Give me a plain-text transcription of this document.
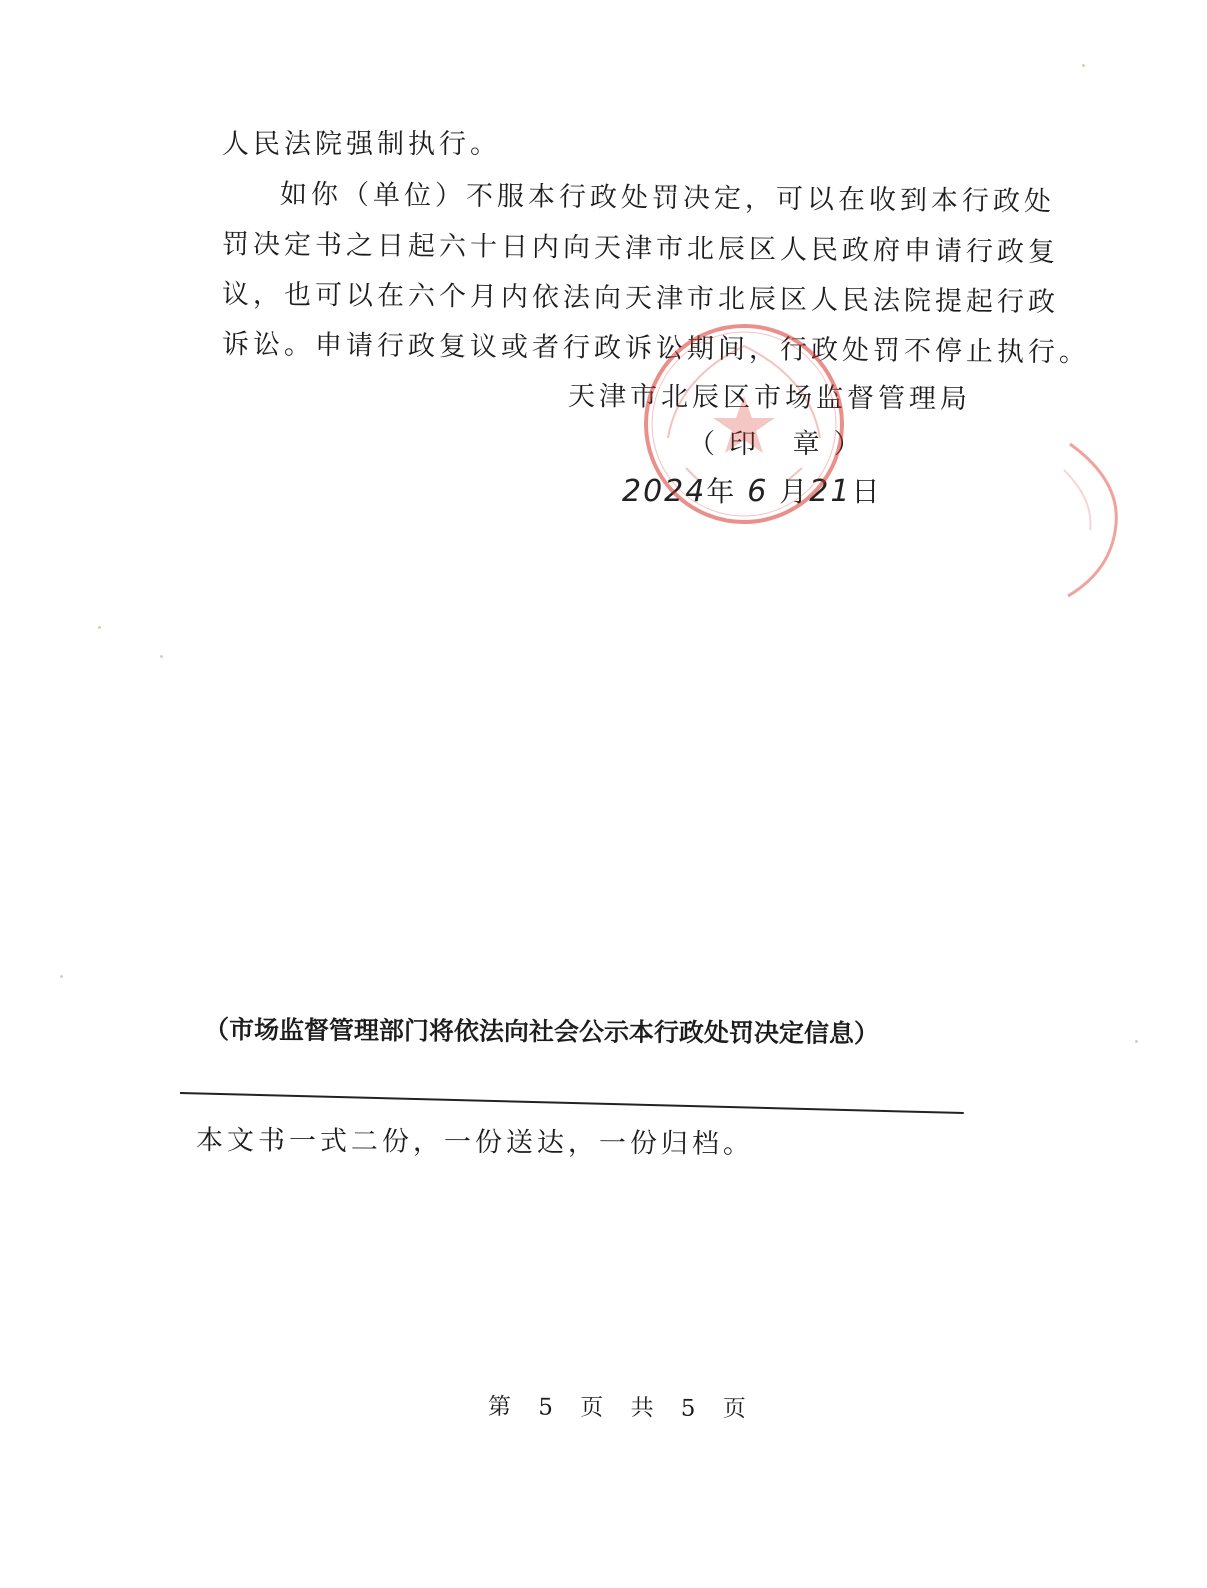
人民法院强制执行。
如你（单位）不服本行政处罚决定，可以在收到本行政处
罚决定书之日起六十日内向天津市北辰区人民政府申请行政复
议，也可以在六个月内依法向天津市北辰区人民法院提起行政
诉讼。申请行政复议或者行政诉讼期间，行政处罚不停止执行。
天津市北辰区市场监督管理局
（印 章）
2024年 6 月21日
（市场监督管理部门将依法向社会公示本行政处罚决定信息）
本文书一式二份，一份送达，一份归档。
第 5 页 共 5 页
